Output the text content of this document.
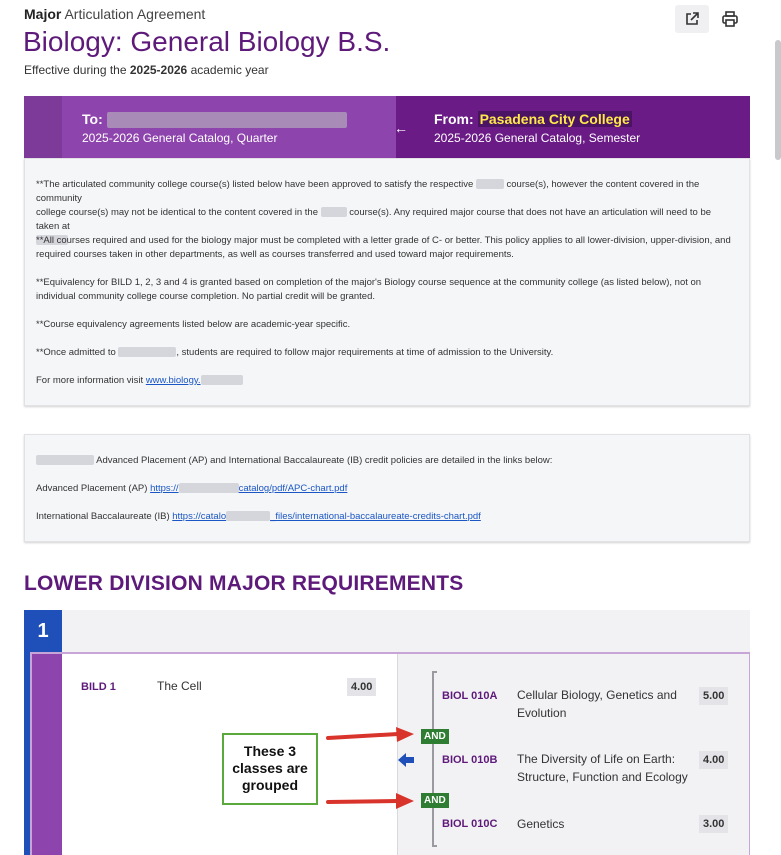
Major Articulation Agreement
Biology: General Biology B.S.
Effective during the 2025-2026 academic year
To:
2025-2026 General Catalog, Quarter
←
From: Pasadena City College
2025-2026 General Catalog, Semester
**The articulated community college course(s) listed below have been approved to satisfy the respective	course(s), however the content covered in the community
college course(s) may not be identical to the content covered in the	course(s). Any required major course that does not have an articulation will need to be taken at

**All courses required and used for the biology major must be completed with a letter grade of C- or better. This policy applies to all lower-division, upper-division, and required courses taken in other departments, as well as courses transferred and used toward major requirements.
**Equivalency for BILD 1, 2, 3 and 4 is granted based on completion of the major's Biology course sequence at the community college (as listed below), not on individual community college course completion. No partial credit will be granted.
**Course equivalency agreements listed below are academic-year specific.
**Once admitted to	, students are required to follow major requirements at time of admission to the University.
For more information visit www.biology.
Advanced Placement (AP) and International Baccalaureate (IB) credit policies are detailed in the links below:
Advanced Placement (AP) https://	catalog/pdf/APC-chart.pdf
International Baccalaureate (IB) https://catalo	_files/international-baccalaureate-credits-chart.pdf
LOWER DIVISION MAJOR REQUIREMENTS
1
BILD 1	The Cell	4.00
BIOL 010A Cellular Biology, Genetics and
Evolution
5.00
AND
BIOL 010B The Diversity of Life on Earth:
Structure, Function and Ecology
4.00
AND
BIOL 010C Genetics	3.00
These 3
classes are
grouped
